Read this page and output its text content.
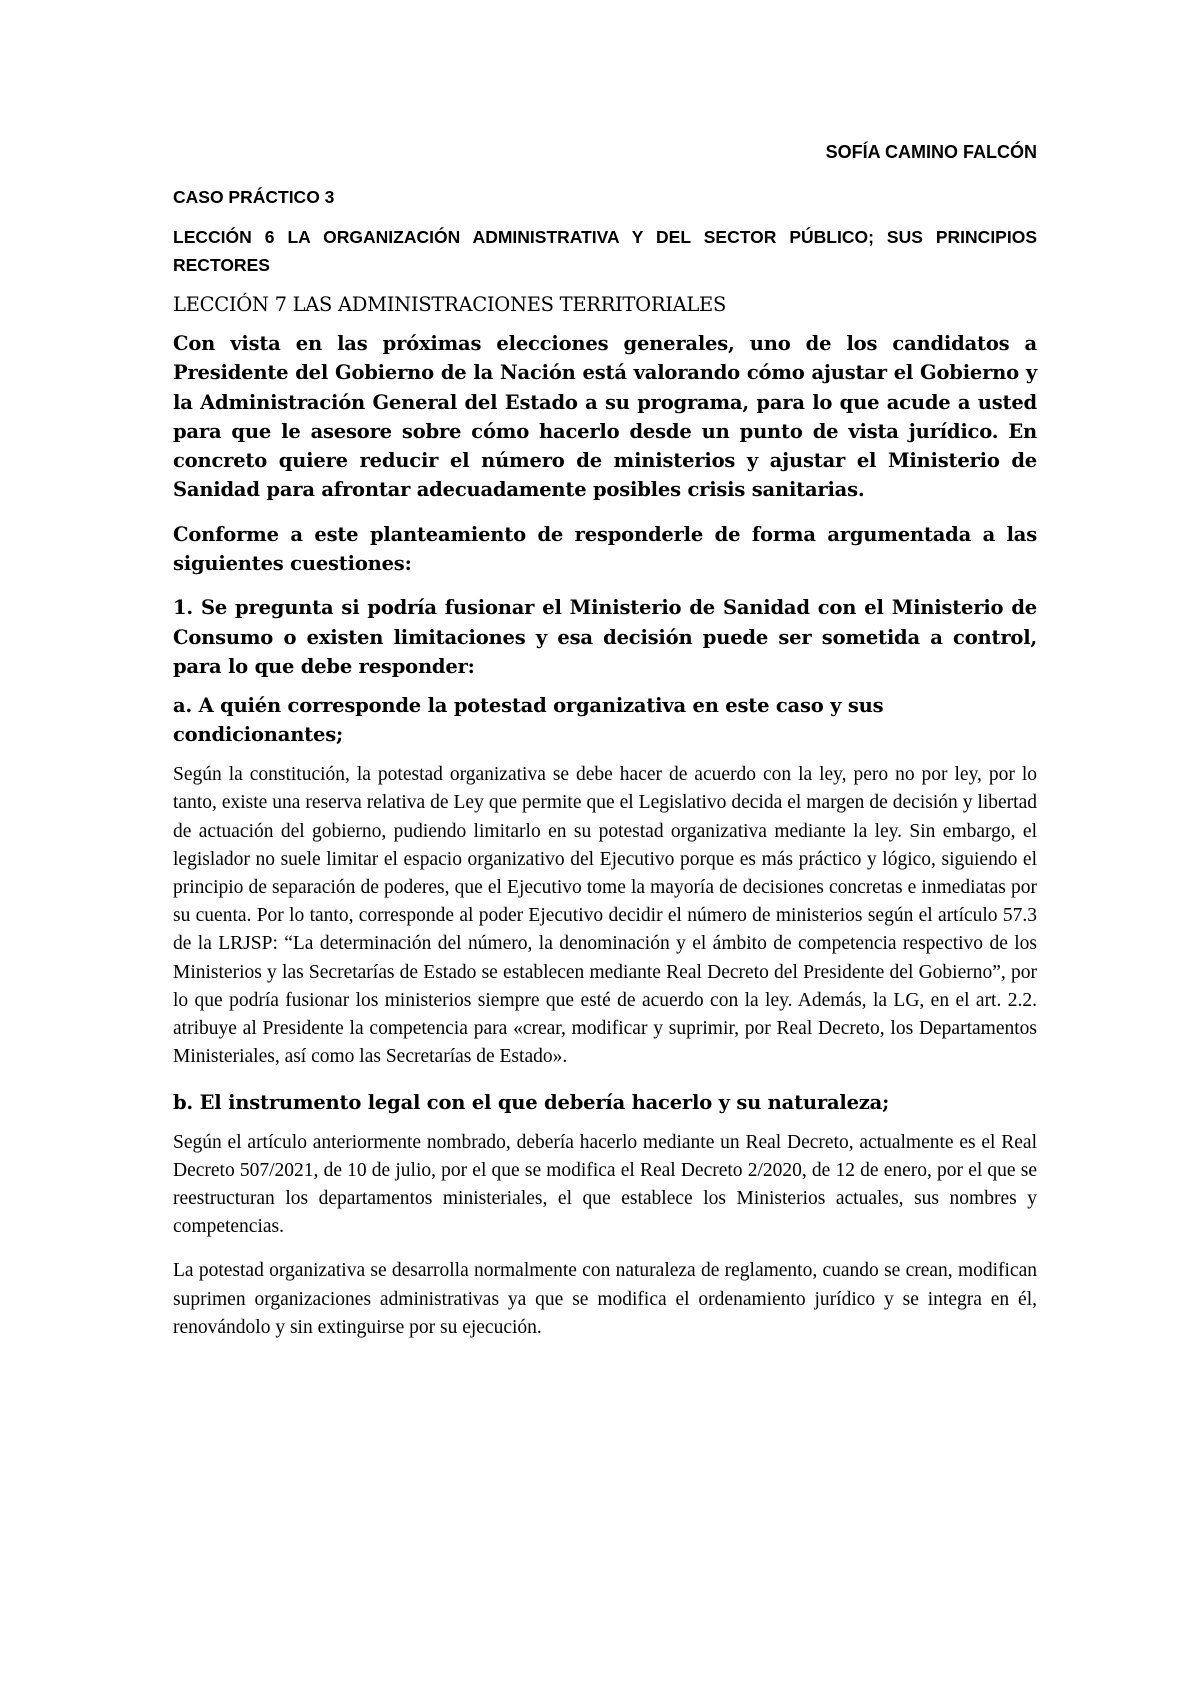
SOFÍA CAMINO FALCÓN

CASO PRÁCTICO 3

LECCIÓN 6 LA ORGANIZACIÓN ADMINISTRATIVA Y DEL SECTOR PÚBLICO; SUS PRINCIPIOS RECTORES

LECCIÓN 7 LAS ADMINISTRACIONES TERRITORIALES

Con vista en las próximas elecciones generales, uno de los candidatos a Presidente del Gobierno de la Nación está valorando cómo ajustar el Gobierno y la Administración General del Estado a su programa, para lo que acude a usted para que le asesore sobre cómo hacerlo desde un punto de vista jurídico. En concreto quiere reducir el número de ministerios y ajustar el Ministerio de Sanidad para afrontar adecuadamente posibles crisis sanitarias.

Conforme a este planteamiento de responderle de forma argumentada a las siguientes cuestiones:

1. Se pregunta si podría fusionar el Ministerio de Sanidad con el Ministerio de Consumo o existen limitaciones y esa decisión puede ser sometida a control, para lo que debe responder:

a. A quién corresponde la potestad organizativa en este caso y sus condicionantes;

Según la constitución, la potestad organizativa se debe hacer de acuerdo con la ley, pero no por ley, por lo tanto, existe una reserva relativa de Ley que permite que el Legislativo decida el margen de decisión y libertad de actuación del gobierno, pudiendo limitarlo en su potestad organizativa mediante la ley. Sin embargo, el legislador no suele limitar el espacio organizativo del Ejecutivo porque es más práctico y lógico, siguiendo el principio de separación de poderes, que el Ejecutivo tome la mayoría de decisiones concretas e inmediatas por su cuenta. Por lo tanto, corresponde al poder Ejecutivo decidir el número de ministerios según el artículo 57.3 de la LRJSP: “La determinación del número, la denominación y el ámbito de competencia respectivo de los Ministerios y las Secretarías de Estado se establecen mediante Real Decreto del Presidente del Gobierno”, por lo que podría fusionar los ministerios siempre que esté de acuerdo con la ley. Además, la LG, en el art. 2.2. atribuye al Presidente la competencia para «crear, modificar y suprimir, por Real Decreto, los Departamentos Ministeriales, así como las Secretarías de Estado».

b. El instrumento legal con el que debería hacerlo y su naturaleza;

Según el artículo anteriormente nombrado, debería hacerlo mediante un Real Decreto, actualmente es el Real Decreto 507/2021, de 10 de julio, por el que se modifica el Real Decreto 2/2020, de 12 de enero, por el que se reestructuran los departamentos ministeriales, el que establece los Ministerios actuales, sus nombres y competencias.

La potestad organizativa se desarrolla normalmente con naturaleza de reglamento, cuando se crean, modifican suprimen organizaciones administrativas ya que se modifica el ordenamiento jurídico y se integra en él, renovándolo y sin extinguirse por su ejecución.
